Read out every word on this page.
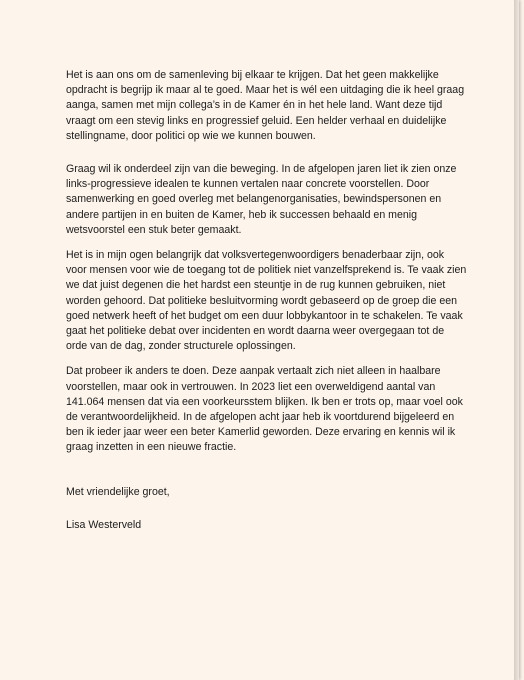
Het is aan ons om de samenleving bij elkaar te krijgen. Dat het geen makkelijke
opdracht is begrijp ik maar al te goed. Maar het is wél een uitdaging die ik heel graag
aanga, samen met mijn collega’s in de Kamer én in het hele land. Want deze tijd
vraagt om een stevig links en progressief geluid. Een helder verhaal en duidelijke
stellingname, door politici op wie we kunnen bouwen.
Graag wil ik onderdeel zijn van die beweging. In de afgelopen jaren liet ik zien onze
links-progressieve idealen te kunnen vertalen naar concrete voorstellen. Door
samenwerking en goed overleg met belangenorganisaties, bewindspersonen en
andere partijen in en buiten de Kamer, heb ik successen behaald en menig
wetsvoorstel een stuk beter gemaakt.
Het is in mijn ogen belangrijk dat volksvertegenwoordigers benaderbaar zijn, ook
voor mensen voor wie de toegang tot de politiek niet vanzelfsprekend is. Te vaak zien
we dat juist degenen die het hardst een steuntje in de rug kunnen gebruiken, niet
worden gehoord. Dat politieke besluitvorming wordt gebaseerd op de groep die een
goed netwerk heeft of het budget om een duur lobbykantoor in te schakelen. Te vaak
gaat het politieke debat over incidenten en wordt daarna weer overgegaan tot de
orde van de dag, zonder structurele oplossingen.
Dat probeer ik anders te doen. Deze aanpak vertaalt zich niet alleen in haalbare
voorstellen, maar ook in vertrouwen. In 2023 liet een overweldigend aantal van
141.064 mensen dat via een voorkeursstem blijken. Ik ben er trots op, maar voel ook
de verantwoordelijkheid. In de afgelopen acht jaar heb ik voortdurend bijgeleerd en
ben ik ieder jaar weer een beter Kamerlid geworden. Deze ervaring en kennis wil ik
graag inzetten in een nieuwe fractie.
Met vriendelijke groet,
Lisa Westerveld
